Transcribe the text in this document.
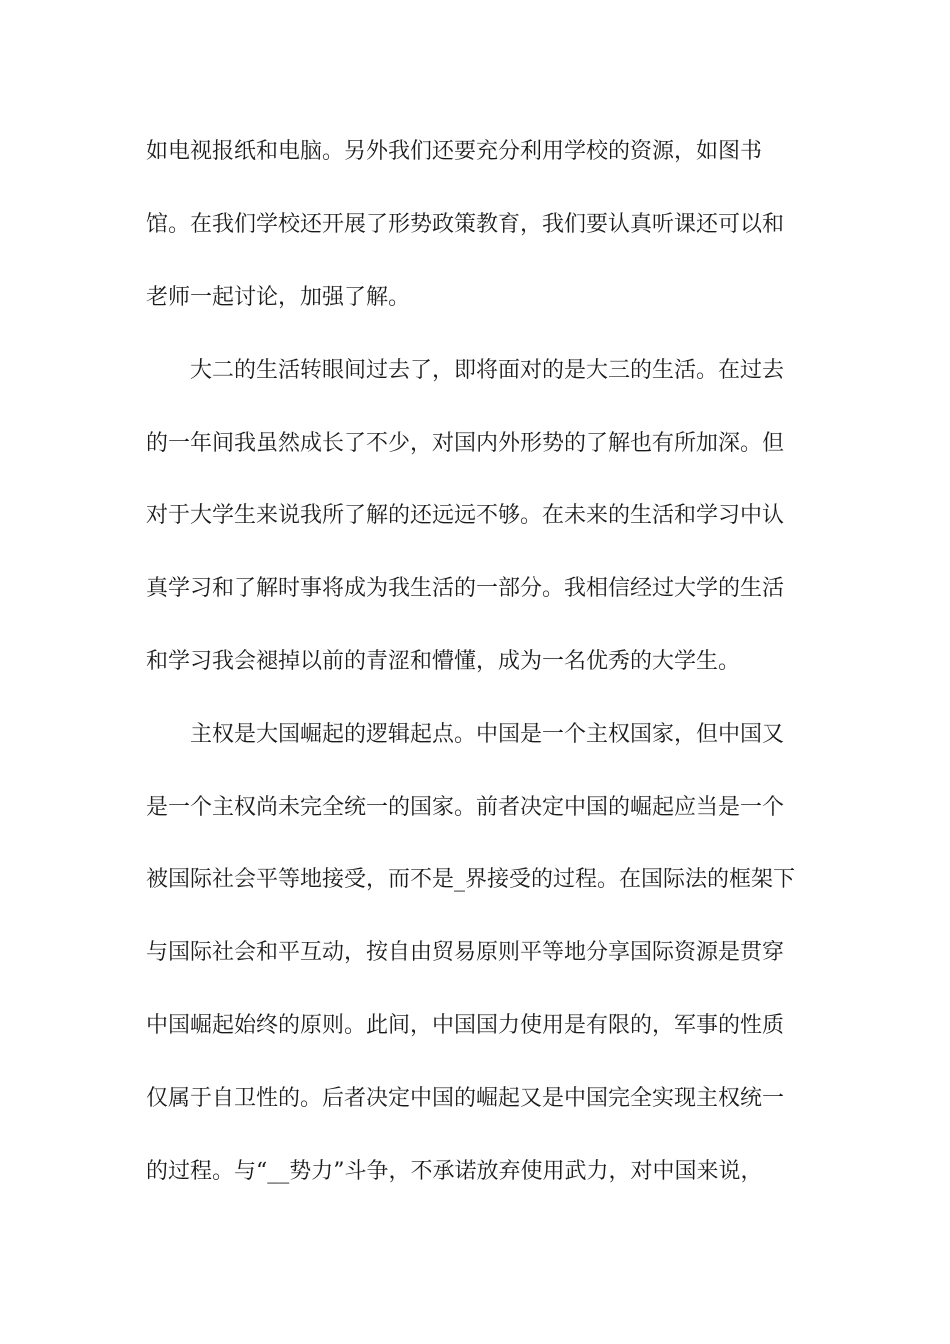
如电视报纸和电脑。另外我们还要充分利用学校的资源，如图书

馆。在我们学校还开展了形势政策教育，我们要认真听课还可以和

老师一起讨论，加强了解。

大二的生活转眼间过去了，即将面对的是大三的生活。在过去

的一年间我虽然成长了不少，对国内外形势的了解也有所加深。但

对于大学生来说我所了解的还远远不够。在未来的生活和学习中认

真学习和了解时事将成为我生活的一部分。我相信经过大学的生活

和学习我会褪掉以前的青涩和懵懂，成为一名优秀的大学生。

主权是大国崛起的逻辑起点。中国是一个主权国家，但中国又

是一个主权尚未完全统一的国家。前者决定中国的崛起应当是一个

被国际社会平等地接受，而不是_界接受的过程。在国际法的框架下

与国际社会和平互动，按自由贸易原则平等地分享国际资源是贯穿

中国崛起始终的原则。此间，中国国力使用是有限的，军事的性质

仅属于自卫性的。后者决定中国的崛起又是中国完全实现主权统一

的过程。与“__势力”斗争，不承诺放弃使用武力，对中国来说，
